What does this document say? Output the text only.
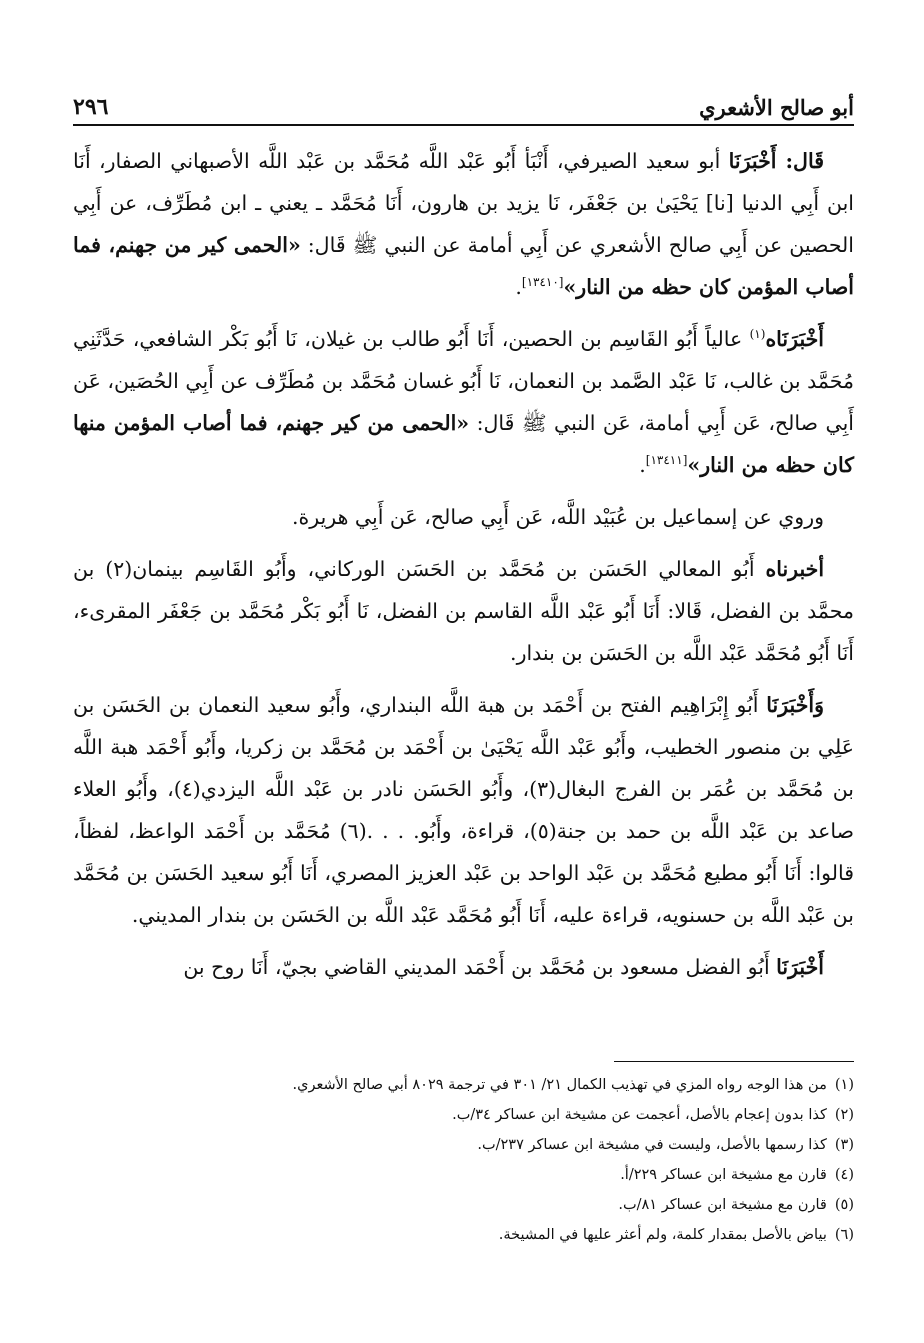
أبو صالح الأشعري
٢٩٦

قَال: أَخْبَرَنَا أبو سعيد الصيرفي، أَنْبَأ أَبُو عَبْد اللَّه مُحَمَّد بن عَبْد اللَّه الأصبهاني الصفار، أَنَا ابن أَبِي الدنيا [نا] يَحْيَىٰ بن جَعْفَر، نَا يزيد بن هارون، أَنَا مُحَمَّد ـ يعني ـ ابن مُطَرِّف، عن أَبِي الحصين عن أَبِي صالح الأشعري عن أَبِي أمامة عن النبي ﷺ قَال: «الحمى كير من جهنم، فما أصاب المؤمن كان حظه من النار»[١٣٤١٠].

أَخْبَرَنَاه$^{(١)}$ عالياً أَبُو القَاسِم بن الحصين، أَنَا أَبُو طالب بن غيلان، نَا أَبُو بَكْر الشافعي، حَدَّثَنِي مُحَمَّد بن غالب، نَا عَبْد الصَّمد بن النعمان، نَا أَبُو غسان مُحَمَّد بن مُطَرِّف عن أَبِي الحُصَين، عَن أَبِي صالح، عَن أَبِي أمامة، عَن النبي ﷺ قَال: «الحمى من كير جهنم، فما أصاب المؤمن منها كان حظه من النار»[١٣٤١١].

وروي عن إسماعيل بن عُبَيْد اللَّه، عَن أَبِي صالح، عَن أَبِي هريرة.

أخبرناه أَبُو المعالي الحَسَن بن مُحَمَّد بن الحَسَن الوركاني، وأَبُو القَاسِم بينمان(٢) بن محمَّد بن الفضل، قَالا: أَنَا أَبُو عَبْد اللَّه القاسم بن الفضل، نَا أَبُو بَكْر مُحَمَّد بن جَعْفَر المقرىء، أَنَا أَبُو مُحَمَّد عَبْد اللَّه بن الحَسَن بن بندار.

وَأَخْبَرَنَا أَبُو إِبْرَاهِيم الفتح بن أَحْمَد بن هبة اللَّه البنداري، وأَبُو سعيد النعمان بن الحَسَن بن عَلِي بن منصور الخطيب، وأَبُو عَبْد اللَّه يَحْيَىٰ بن أَحْمَد بن مُحَمَّد بن زكريا، وأَبُو أَحْمَد هبة اللَّه بن مُحَمَّد بن عُمَر بن الفرج البغال(٣)، وأَبُو الحَسَن نادر بن عَبْد اللَّه اليزدي(٤)، وأَبُو العلاء صاعد بن عَبْد اللَّه بن حمد بن جنة(٥)، قراءة، وأَبُو. . . .(٦) مُحَمَّد بن أَحْمَد الواعظ، لفظاً، قالوا: أَنَا أَبُو مطيع مُحَمَّد بن عَبْد الواحد بن عَبْد العزيز المصري، أَنَا أَبُو سعيد الحَسَن بن مُحَمَّد بن عَبْد اللَّه بن حسنويه، قراءة عليه، أَنَا أَبُو مُحَمَّد عَبْد اللَّه بن الحَسَن بن بندار المديني.

أَخْبَرَنَا أَبُو الفضل مسعود بن مُحَمَّد بن أَحْمَد المديني القاضي بجيّ، أَنَا روح بن

(١)
من هذا الوجه رواه المزي في تهذيب الكمال ٢١/ ٣٠١ في ترجمة ٨٠٢٩ أبي صالح الأشعري.
(٢)
كذا بدون إعجام بالأصل، أعجمت عن مشيخة ابن عساكر ٣٤/ب.
(٣)
كذا رسمها بالأصل، وليست في مشيخة ابن عساكر ٢٣٧/ب.
(٤)
قارن مع مشيخة ابن عساكر ٢٢٩/أ.
(٥)
قارن مع مشيخة ابن عساكر ٨١/ب.
(٦)
بياض بالأصل بمقدار كلمة، ولم أعثر عليها في المشيخة.
